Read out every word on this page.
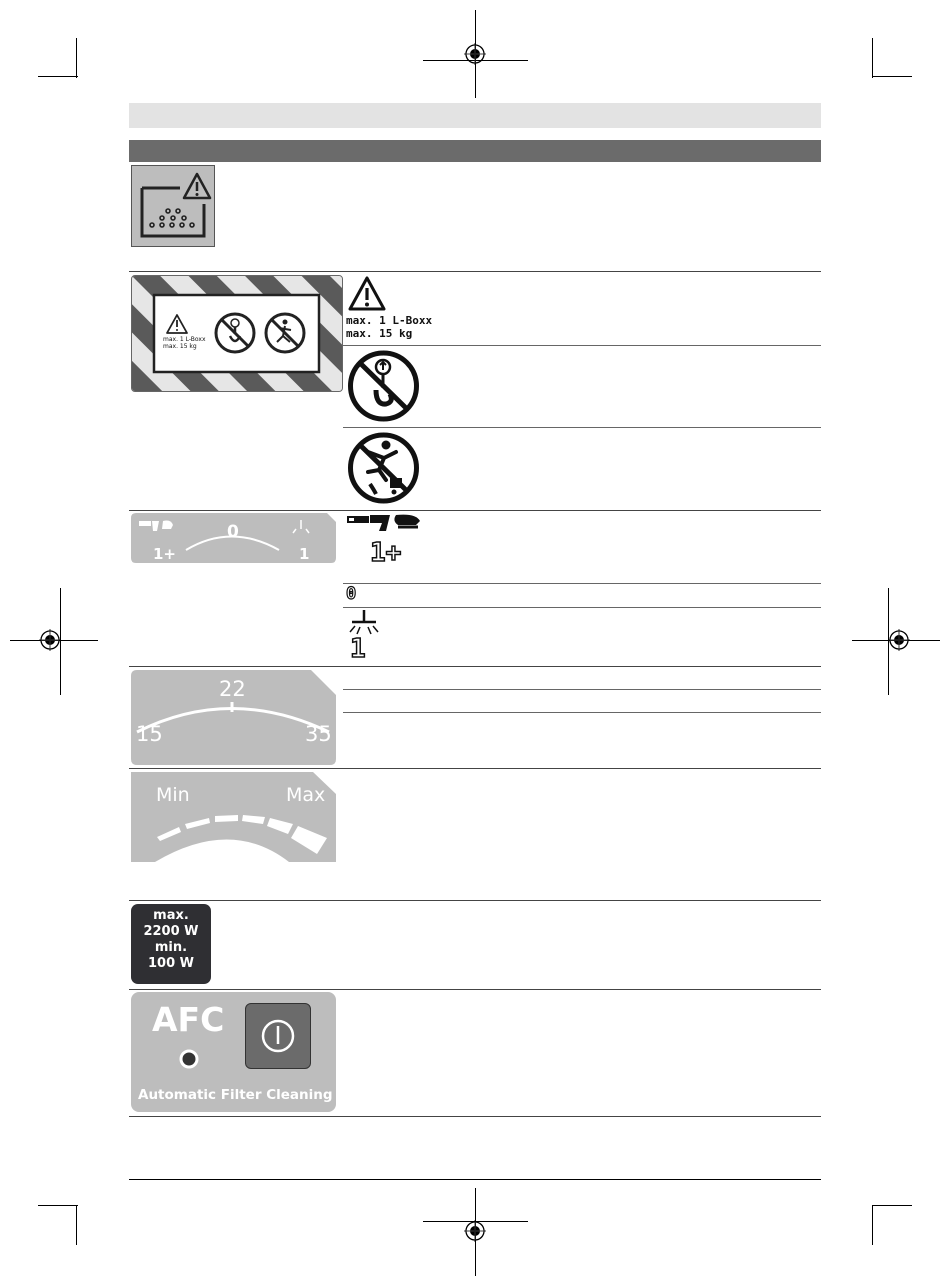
max. 1 L-Boxx
max. 15 kg
max. 1 L-Boxx
max. 15 kg
1+
0
1 1+
0
1
15
22
35
Min	Max
max.
2200 W
min.
100 W
AFC
Automatic Filter Cleaning
